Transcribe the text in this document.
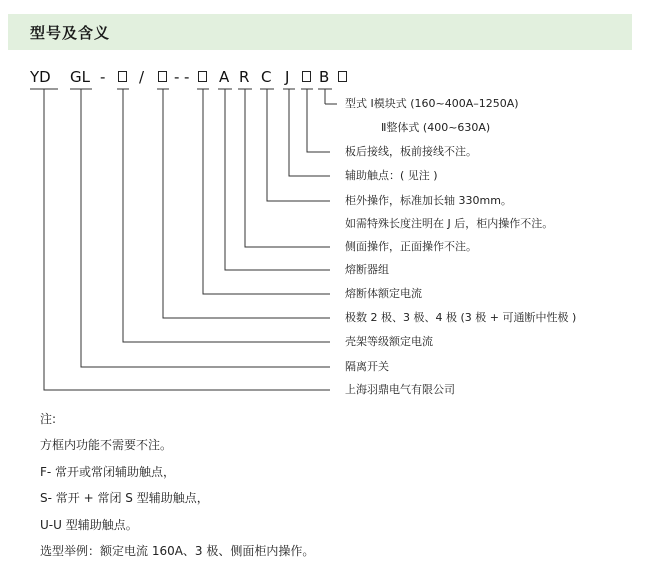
型号及含义
YD GL - / - - A R C J B
型式 Ⅰ模块式 (160~400A–1250A)
Ⅱ整体式 (400~630A)
板后接线，板前接线不注。
辅助触点：( 见注 )
柜外操作，标准加长轴 330mm。
如需特殊长度注明在 J 后，柜内操作不注。
侧面操作，正面操作不注。
熔断器组
熔断体额定电流
极数 2 极、3 极、4 极 (3 极 + 可通断中性极 )
壳架等级额定电流
隔离开关
上海羽鼎电气有限公司
注:
方框内功能不需要不注。
F- 常开或常闭辅助触点，
S- 常开 + 常闭 S 型辅助触点，
U-U 型辅助触点。
选型举例：额定电流 160A、3 极、侧面柜内操作。
